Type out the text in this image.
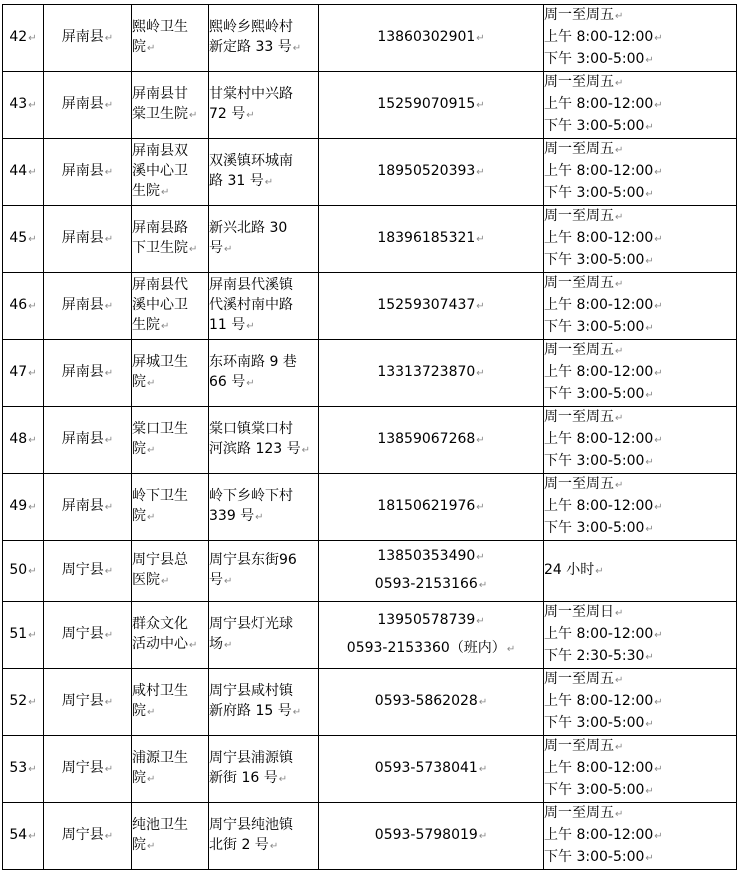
42↵	屏南县↵	熙岭卫生
院↵	熙岭乡熙岭村
新定路 33 号↵	13860302901↵	周一至周五↵
上午 8:00-12:00↵
下午 3:00-5:00↵

43↵	屏南县↵	屏南县甘
棠卫生院↵	甘棠村中兴路
72 号↵	15259070915↵	周一至周五↵
上午 8:00-12:00↵
下午 3:00-5:00↵

44↵	屏南县↵	屏南县双
溪中心卫
生院↵	双溪镇环城南
路 31 号↵	18950520393↵	周一至周五↵
上午 8:00-12:00↵
下午 3:00-5:00↵

45↵	屏南县↵	屏南县路
下卫生院↵	新兴北路 30
号↵	18396185321↵	周一至周五↵
上午 8:00-12:00↵
下午 3:00-5:00↵

46↵	屏南县↵	屏南县代
溪中心卫
生院↵	屏南县代溪镇
代溪村南中路
11 号↵	15259307437↵	周一至周五↵
上午 8:00-12:00↵
下午 3:00-5:00↵

47↵	屏南县↵	屏城卫生
院↵	东环南路 9 巷
66 号↵	13313723870↵	周一至周五↵
上午 8:00-12:00↵
下午 3:00-5:00↵

48↵	屏南县↵	棠口卫生
院↵	棠口镇棠口村
河滨路 123 号↵	13859067268↵	周一至周五↵
上午 8:00-12:00↵
下午 3:00-5:00↵

49↵	屏南县↵	岭下卫生
院↵	岭下乡岭下村
339 号↵	18150621976↵	周一至周五↵
上午 8:00-12:00↵
下午 3:00-5:00↵

50↵	周宁县↵	周宁县总
医院↵	周宁县东街96
号↵	13850353490↵
0593-2153166↵	24 小时↵

51↵	周宁县↵	群众文化
活动中心↵	周宁县灯光球
场↵	13950578739↵
0593-2153360（班内）↵	周一至周日↵
上午 8:00-12:00↵
下午 2:30-5:30↵

52↵	周宁县↵	咸村卫生
院↵	周宁县咸村镇
新府路 15 号↵	0593-5862028↵	周一至周五↵
上午 8:00-12:00↵
下午 3:00-5:00↵

53↵	周宁县↵	浦源卫生
院↵	周宁县浦源镇
新街 16 号↵	0593-5738041↵	周一至周五↵
上午 8:00-12:00↵
下午 3:00-5:00↵

54↵	周宁县↵	纯池卫生
院↵	周宁县纯池镇
北街 2 号↵	0593-5798019↵	周一至周五↵
上午 8:00-12:00↵
下午 3:00-5:00↵
